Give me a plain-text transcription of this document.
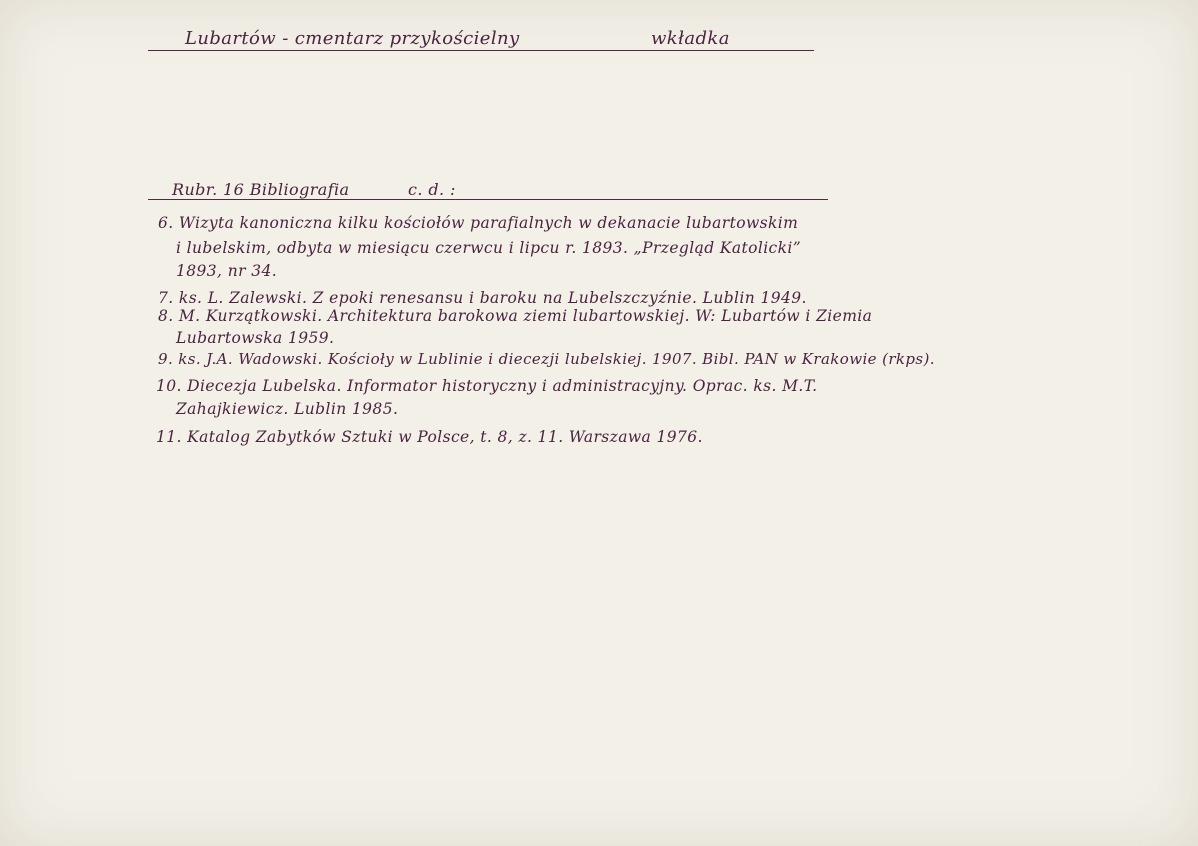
Lubartów - cmentarz przykościelny	wkładka
Rubr. 16 Bibliografia	c. d. :
6. Wizyta kanoniczna kilku kościołów parafialnych w dekanacie lubartowskim
i lubelskim, odbyta w miesiącu czerwcu i lipcu r. 1893. „Przegląd Katolicki”
1893, nr 34.
7. ks. L. Zalewski. Z epoki renesansu i baroku na Lubelszczyźnie. Lublin 1949.
8. M. Kurzątkowski. Architektura barokowa ziemi lubartowskiej. W: Lubartów i Ziemia
Lubartowska 1959.
9. ks. J.A. Wadowski. Kościoły w Lublinie i diecezji lubelskiej. 1907. Bibl. PAN w Krakowie (rkps).
10. Diecezja Lubelska. Informator historyczny i administracyjny. Oprac. ks. M.T.
Zahajkiewicz. Lublin 1985.
11. Katalog Zabytków Sztuki w Polsce, t. 8, z. 11. Warszawa 1976.
